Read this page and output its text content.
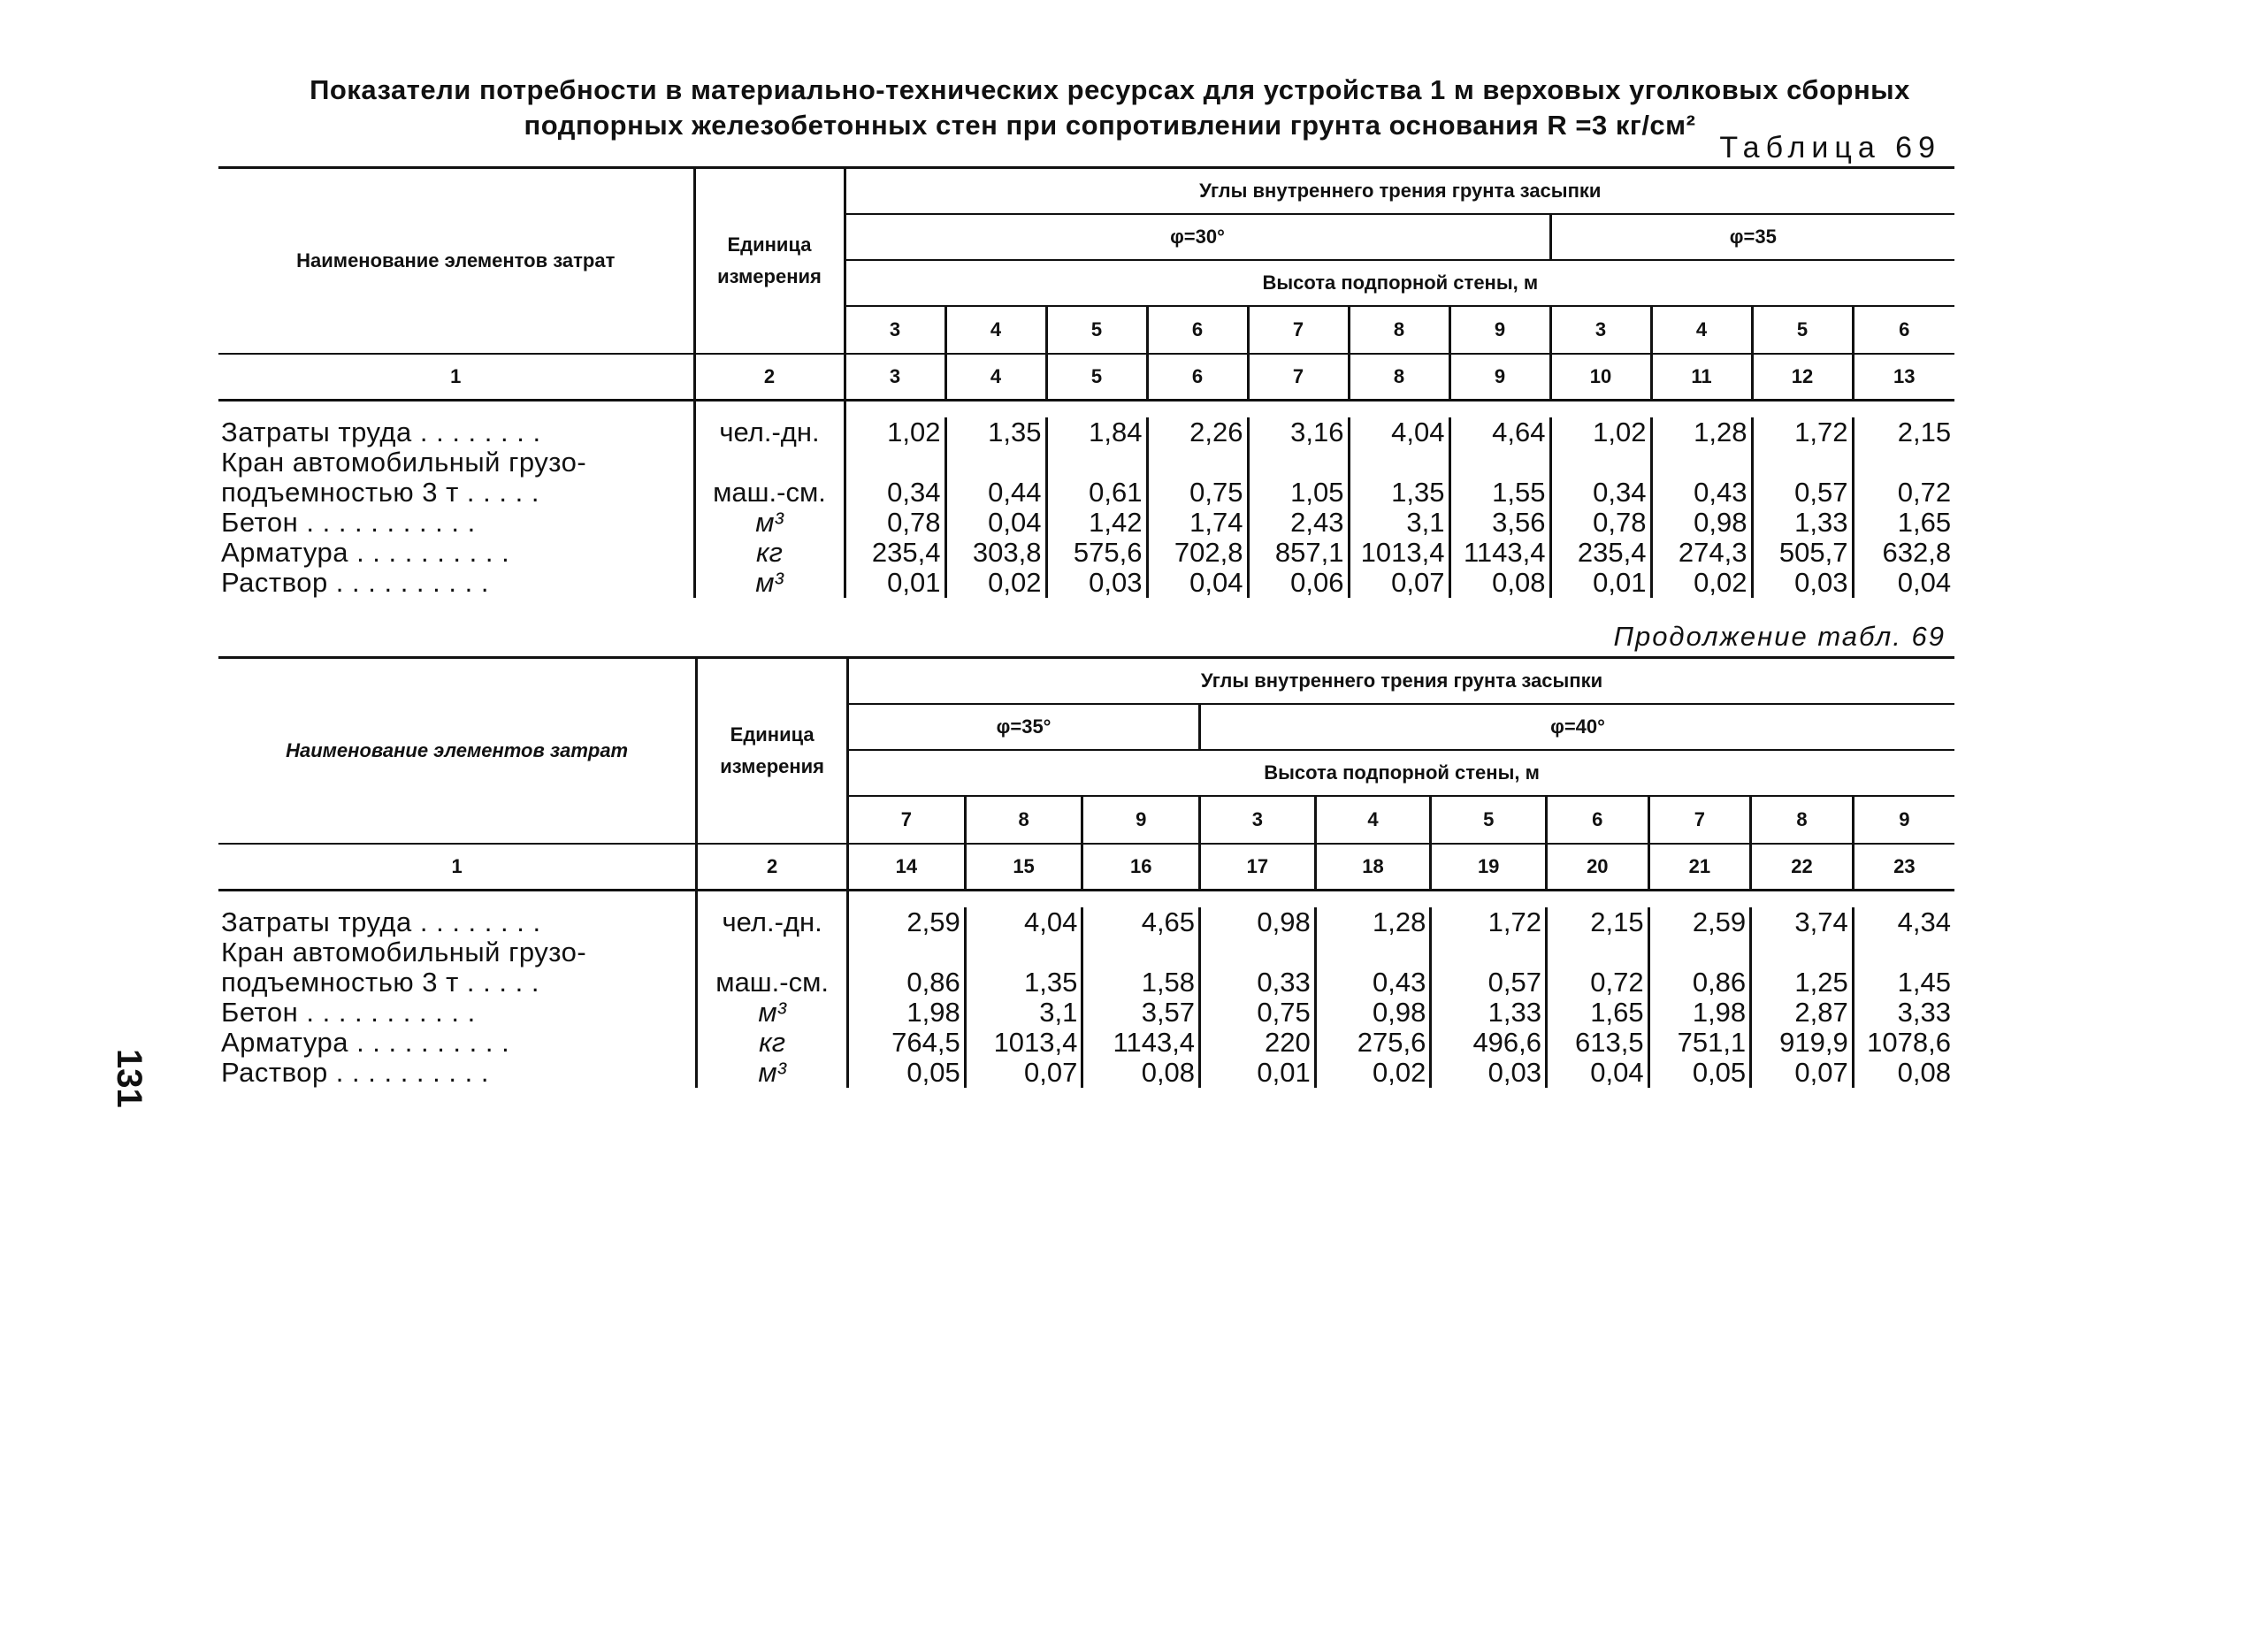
Показатели потребности в материально-технических ресурсах для устройства 1 м верховых уголковых сборных
подпорных железобетонных стен при сопротивлении грунта основания R =3 кг/см²
Таблица 69
Наименование элементов затрат	Единица измерения	Углы внутреннего трения грунта засыпки										
		φ=30°							φ=35			
		Высота подпорной стены, м										
		3	4	5	6	7	8	9	3	4	5	6
1	2	3	4	5	6	7	8	9	10	11	12	13

Затраты труда . . . . . . . .	чел.-дн.	1,02	1,35	1,84	2,26	3,16	4,04	4,64	1,02	1,28	1,72	2,15
Кран автомобильный грузо-												
подъемностью 3 т . . . . .	маш.-см.	0,34	0,44	0,61	0,75	1,05	1,35	1,55	0,34	0,43	0,57	0,72
Бетон . . . . . . . . . . .	м³	0,78	0,04	1,42	1,74	2,43	3,1	3,56	0,78	0,98	1,33	1,65
Арматура . . . . . . . . . .	кг	235,4	303,8	575,6	702,8	857,1	1013,4	1143,4	235,4	274,3	505,7	632,8
Раствор . . . . . . . . . .	м³	0,01	0,02	0,03	0,04	0,06	0,07	0,08	0,01	0,02	0,03	0,04
Продолжение табл. 69
Наименование элементов затрат	Единица измерения	Углы внутреннего трения грунта засыпки									
		φ=35°			φ=40°						
		Высота подпорной стены, м									
		7	8	9	3	4	5	6	7	8	9
1	2	14	15	16	17	18	19	20	21	22	23

Затраты труда . . . . . . . .	чел.-дн.	2,59	4,04	4,65	0,98	1,28	1,72	2,15	2,59	3,74	4,34
Кран автомобильный грузо-											
подъемностью 3 т . . . . .	маш.-см.	0,86	1,35	1,58	0,33	0,43	0,57	0,72	0,86	1,25	1,45
Бетон . . . . . . . . . . .	м³	1,98	3,1	3,57	0,75	0,98	1,33	1,65	1,98	2,87	3,33
Арматура . . . . . . . . . .	кг	764,5	1013,4	1143,4	220	275,6	496,6	613,5	751,1	919,9	1078,6
Раствор . . . . . . . . . .	м³	0,05	0,07	0,08	0,01	0,02	0,03	0,04	0,05	0,07	0,08
131
